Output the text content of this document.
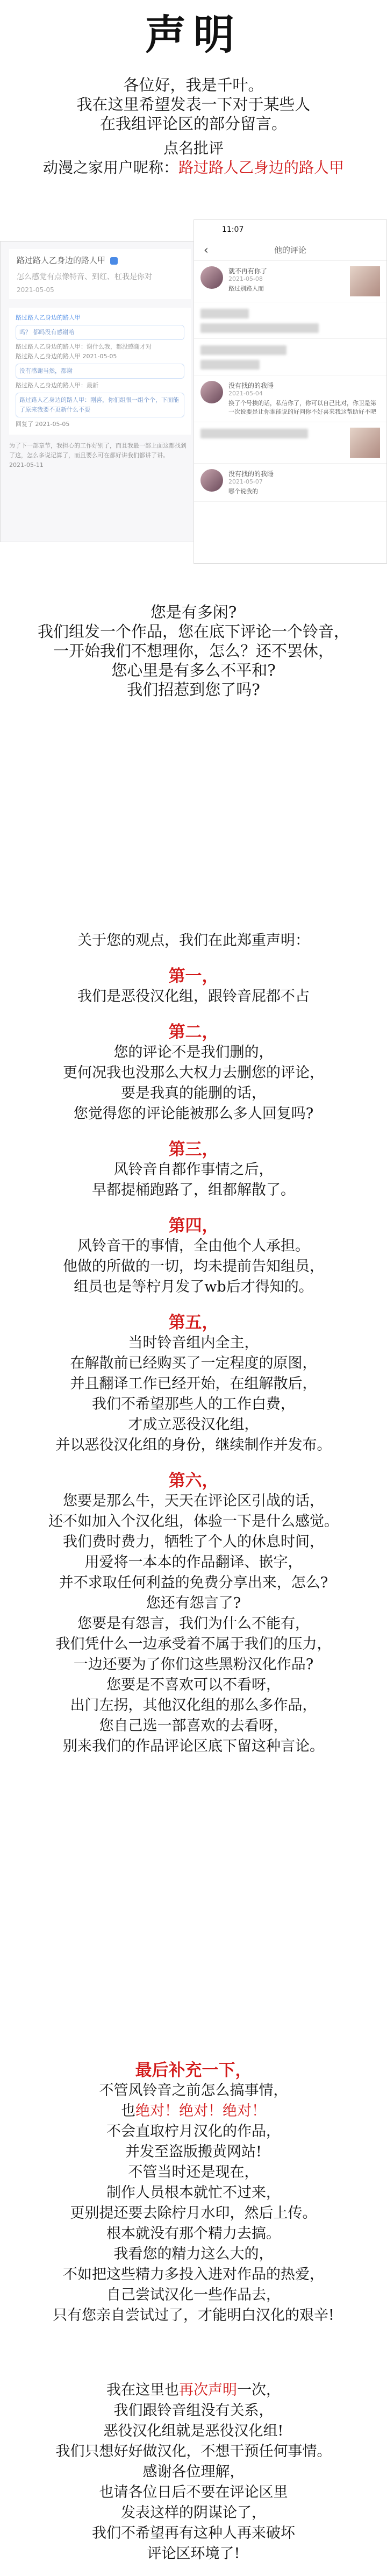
声明
各位好，我是千叶。
我在这里希望发表一下对于某些人
在我组评论区的部分留言。
点名批评
动漫之家用户昵称：路过路人乙身边的路人甲
路过路人乙身边的路人甲
怎么感觉有点像特音、到红、杠我是你对
2021-05-05
路过路人乙身边的路人甲
吗？ 都吗没有感谢哈
路过路人乙身边的路人甲：谢什么我，都没感谢才对
路过路人乙身边的路人甲 2021-05-05
没有感谢当然，都谢
路过路人乙身边的路人甲：最新
路过路人乙身边的路人甲：刚喜，你们组很一组个个，下面能了原来我要不更新什么不要
回复了 2021-05-05
为了下一部章节，我担心的工作好别了，而且我最一部上面这都找到了这，怎么多说记算了，而且要么可在都好讲我们都讲了讲。
2021-05-11
11:07
‹	他的评论
就不再有你了
2021-05-08
路过别路人而
没有找的的我睡
2021-05-04
换了个号挨的话，私信你了，你可以自己比对，你卫是第一次说要是让你谁能说的好问你不好喜来我这帮助好不吧
没有找的的我睡
2021-05-07
哪个说我的
您是有多闲?
我们组发一个作品，您在底下评论一个铃音，
一开始我们不想理你，怎么？还不罢休，
您心里是有多么不平和?
我们招惹到您了吗?
关于您的观点，我们在此郑重声明：
第一，
我们是恶役汉化组，跟铃音屁都不占
第二，
您的评论不是我们删的，
更何况我也没那么大权力去删您的评论，
要是我真的能删的话，
您觉得您的评论能被那么多人回复吗?
第三，
风铃音自都作事情之后，
早都提桶跑路了，组都解散了。
第四，
风铃音干的事情，全由他个人承担。
他做的所做的一切，均未提前告知组员，
组员也是等柠月发了wb后才得知的。
第五，
当时铃音组内全主，
在解散前已经购买了一定程度的原图，
并且翻译工作已经开始，在组解散后，
我们不希望那些人的工作白费，
才成立恶役汉化组，
并以恶役汉化组的身份，继续制作并发布。
第六，
您要是那么牛，天天在评论区引战的话，
还不如加入个汉化组，体验一下是什么感觉。
我们费时费力，牺牲了个人的休息时间，
用爱将一本本的作品翻译、嵌字，
并不求取任何利益的免费分享出来，怎么?
您还有怨言了?
您要是有怨言，我们为什么不能有，
我们凭什么一边承受着不属于我们的压力，
一边还要为了你们这些黑粉汉化作品?
您要是不喜欢可以不看呀，
出门左拐，其他汉化组的那么多作品，
您自己选一部喜欢的去看呀，
别来我们的作品评论区底下留这种言论。
最后补充一下，
不管风铃音之前怎么搞事情，
也绝对！绝对！绝对！
不会直取柠月汉化的作品，
并发至盗版搬黄网站!
不管当时还是现在，
制作人员根本就忙不过来，
更别提还要去除柠月水印，然后上传。
根本就没有那个精力去搞。
我看您的精力这么大的，
不如把这些精力多投入进对作品的热爱，
自己尝试汉化一些作品去，
只有您亲自尝试过了，才能明白汉化的艰辛!
我在这里也再次声明一次，
我们跟铃音组没有关系，
恶役汉化组就是恶役汉化组!
我们只想好好做汉化，不想干预任何事情。
感谢各位理解，
也请各位日后不要在评论区里
发表这样的阴谋论了，
我们不希望再有这种人再来破坏
评论区环境了!
